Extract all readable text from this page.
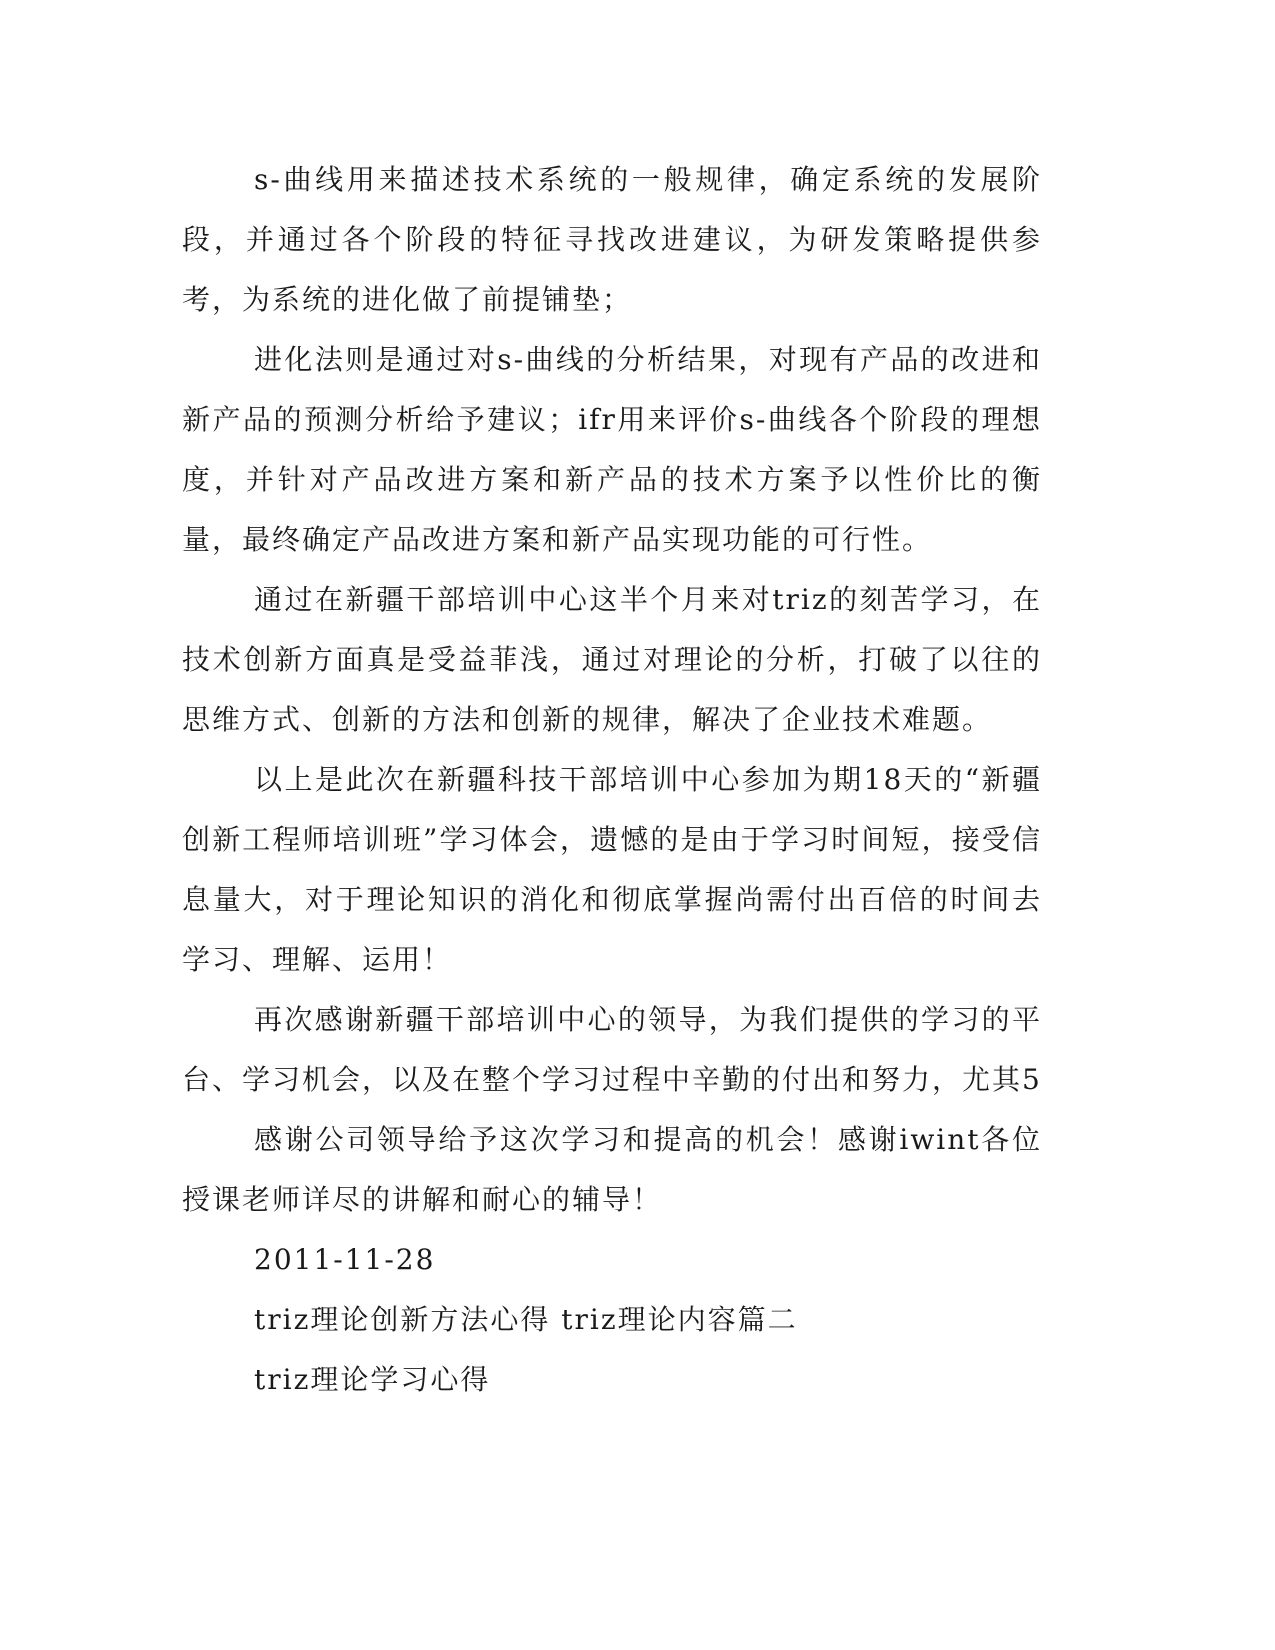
s-曲线用来描述技术系统的一般规律，确定系统的发展阶段，并通过各个阶段的特征寻找改进建议，为研发策略提供参考，为系统的进化做了前提铺垫；

进化法则是通过对s-曲线的分析结果，对现有产品的改进和新产品的预测分析给予建议；ifr用来评价s-曲线各个阶段的理想度，并针对产品改进方案和新产品的技术方案予以性价比的衡量，最终确定产品改进方案和新产品实现功能的可行性。

通过在新疆干部培训中心这半个月来对triz的刻苦学习，在技术创新方面真是受益菲浅，通过对理论的分析，打破了以往的思维方式、创新的方法和创新的规律，解决了企业技术难题。

以上是此次在新疆科技干部培训中心参加为期18天的“新疆创新工程师培训班”学习体会，遗憾的是由于学习时间短，接受信息量大，对于理论知识的消化和彻底掌握尚需付出百倍的时间去学习、理解、运用！

再次感谢新疆干部培训中心的领导，为我们提供的学习的平台、学习机会，以及在整个学习过程中辛勤的付出和努力，尤其5

感谢公司领导给予这次学习和提高的机会！感谢iwint各位授课老师详尽的讲解和耐心的辅导！

2011-11-28

triz理论创新方法心得 triz理论内容篇二

triz理论学习心得
